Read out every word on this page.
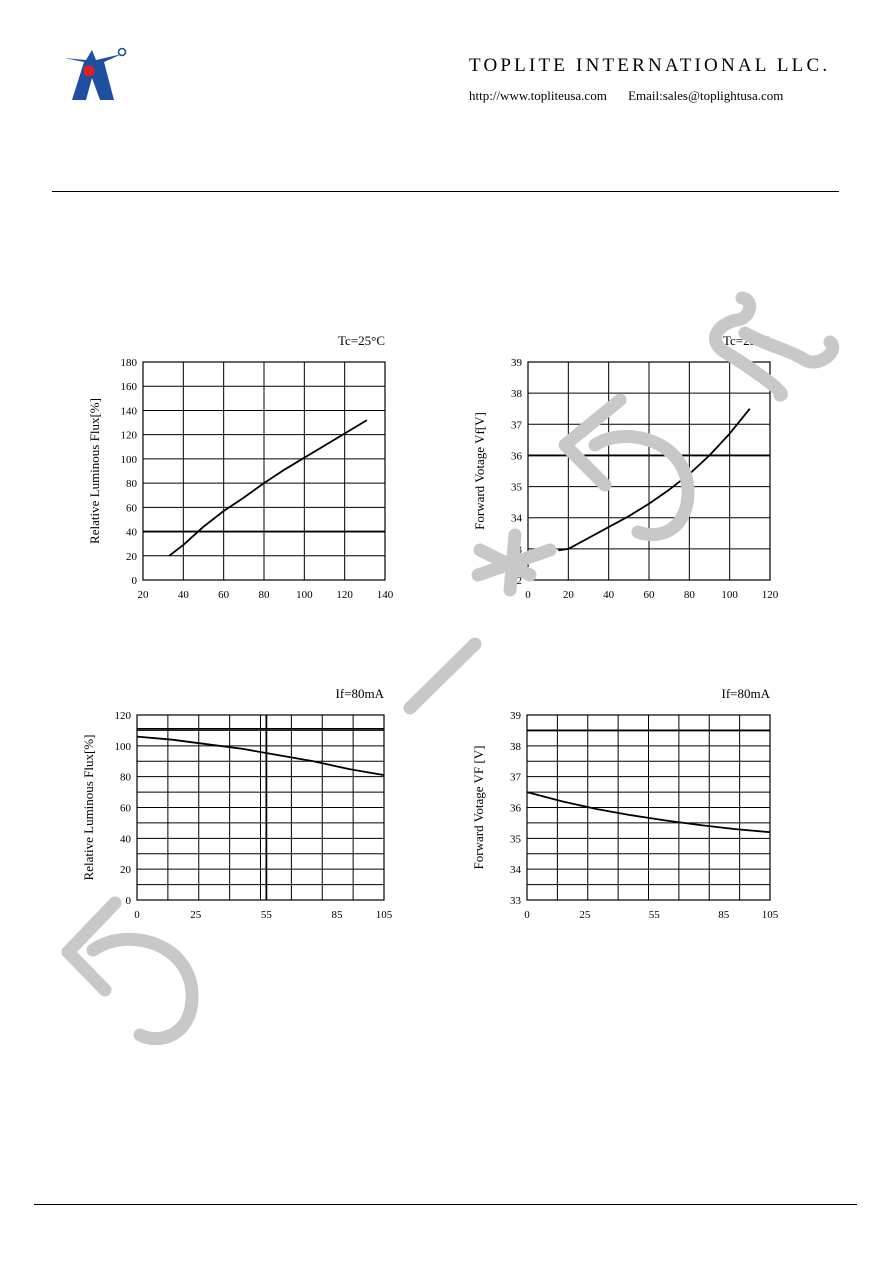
TOPLITE INTERNATIONAL LLC.
http://www.topliteusa.com Email:sales@toplightusa.com
20	40	60	80 100 120 140
0
20
40
60
80
100
120
140
160
180
Relative Luminous Flux[%]
Tc=25°C
0	20	40	60	80 100 120
32
33
34
35
36
37
38
39
Forward Votage Vf[V]
Tc=25°C
0	25	55	85	105
0
20
40
60
80
100
120
Relative Luminous Flux[%]
If=80mA
0	25	55	85	105
33
34
35
36
37
38
39
Forward Votage VF [V]
If=80mA
